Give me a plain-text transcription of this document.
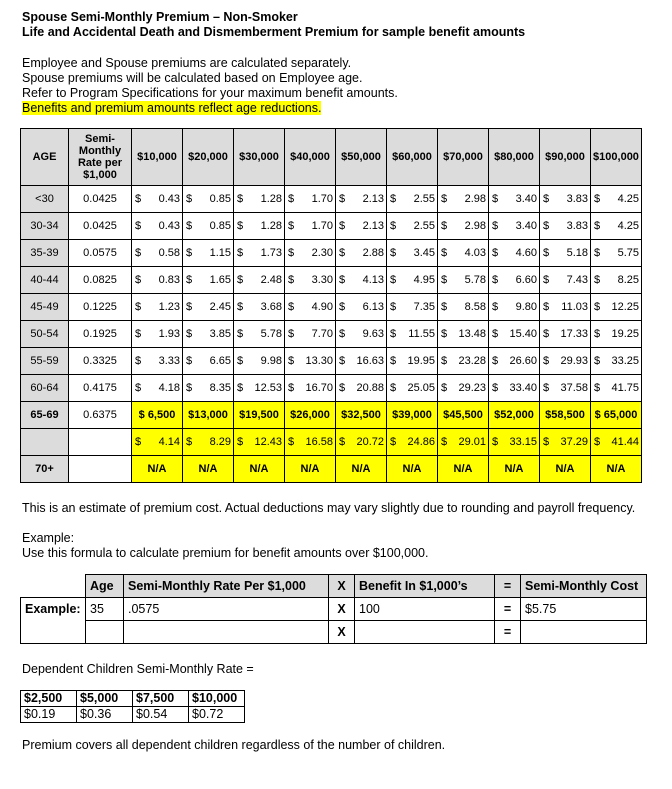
Spouse Semi-Monthly Premium – Non-Smoker
Life and Accidental Death and Dismemberment Premium for sample benefit amounts
Employee and Spouse premiums are calculated separately.
Spouse premiums will be calculated based on Employee age.
Refer to Program Specifications for your maximum benefit amounts.
Benefits and premium amounts reflect age reductions.
AGE	Semi-Monthly Rate per $1,000	$10,000	$20,000	$30,000	$40,000	$50,000	$60,000	$70,000	$80,000	$90,000	$100,000
<30	0.0425	$ 0.43	$ 0.85	$ 1.28	$ 1.70	$ 2.13	$ 2.55	$ 2.98	$ 3.40	$ 3.83	$ 4.25

30-34	0.0425	$ 0.43	$ 0.85	$ 1.28	$ 1.70	$ 2.13	$ 2.55	$ 2.98	$ 3.40	$ 3.83	$ 4.25

35-39	0.0575	$ 0.58	$ 1.15	$ 1.73	$ 2.30	$ 2.88	$ 3.45	$ 4.03	$ 4.60	$ 5.18	$ 5.75

40-44	0.0825	$ 0.83	$ 1.65	$ 2.48	$ 3.30	$ 4.13	$ 4.95	$ 5.78	$ 6.60	$ 7.43	$ 8.25

45-49	0.1225	$ 1.23	$ 2.45	$ 3.68	$ 4.90	$ 6.13	$ 7.35	$ 8.58	$ 9.80	$ 11.03	$ 12.25

50-54	0.1925	$ 1.93	$ 3.85	$ 5.78	$ 7.70	$ 9.63	$ 11.55	$ 13.48	$ 15.40	$ 17.33	$ 19.25

55-59	0.3325	$ 3.33	$ 6.65	$ 9.98	$ 13.30	$ 16.63	$ 19.95	$ 23.28	$ 26.60	$ 29.93	$ 33.25

60-64	0.4175	$ 4.18	$ 8.35	$ 12.53	$ 16.70	$ 20.88	$ 25.05	$ 29.23	$ 33.40	$ 37.58	$ 41.75

65-69	0.6375	$ 6,500	$13,000	$19,500	$26,000	$32,500	$39,000	$45,500	$52,000	$58,500	$ 65,000

		$ 4.14	$ 8.29	$ 12.43	$ 16.58	$ 20.72	$ 24.86	$ 29.01	$ 33.15	$ 37.29	$ 41.44

70+		N/A	N/A	N/A	N/A	N/A	N/A	N/A	N/A	N/A	N/A
This is an estimate of premium cost. Actual deductions may vary slightly due to rounding and payroll frequency.
Example:
Use this formula to calculate premium for benefit amounts over $100,000.
	Age	Semi-Monthly Rate Per $1,000	X	Benefit In $1,000’s	=	Semi-Monthly Cost
Example:	35	.0575	X	100	=	$5.75
			X		=	
Dependent Children Semi-Monthly Rate =
$2,500	$5,000	$7,500	$10,000
$0.19	$0.36	$0.54	$0.72
Premium covers all dependent children regardless of the number of children.
